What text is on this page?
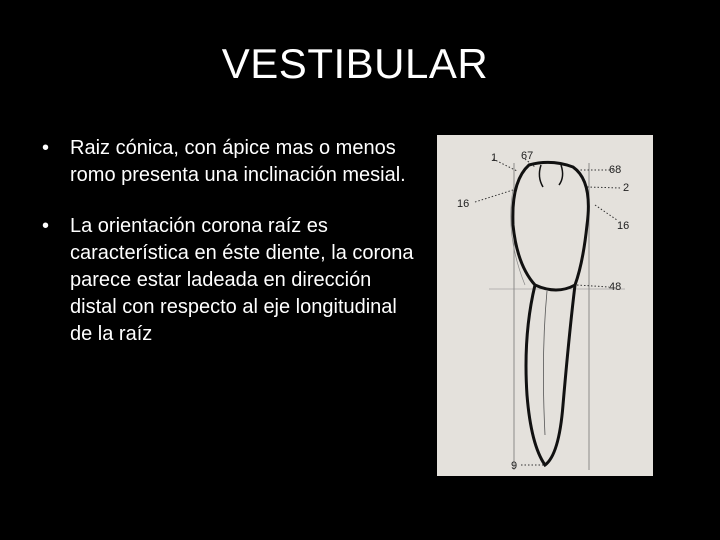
VESTIBULAR
•	Raiz cónica, con ápice mas o menos romo presenta una inclinación mesial.
•	La orientación corona raíz es característica en éste diente, la corona parece estar ladeada en dirección distal con respecto al eje longitudinal de la raíz
1 67
68
2
16
16
48
9
